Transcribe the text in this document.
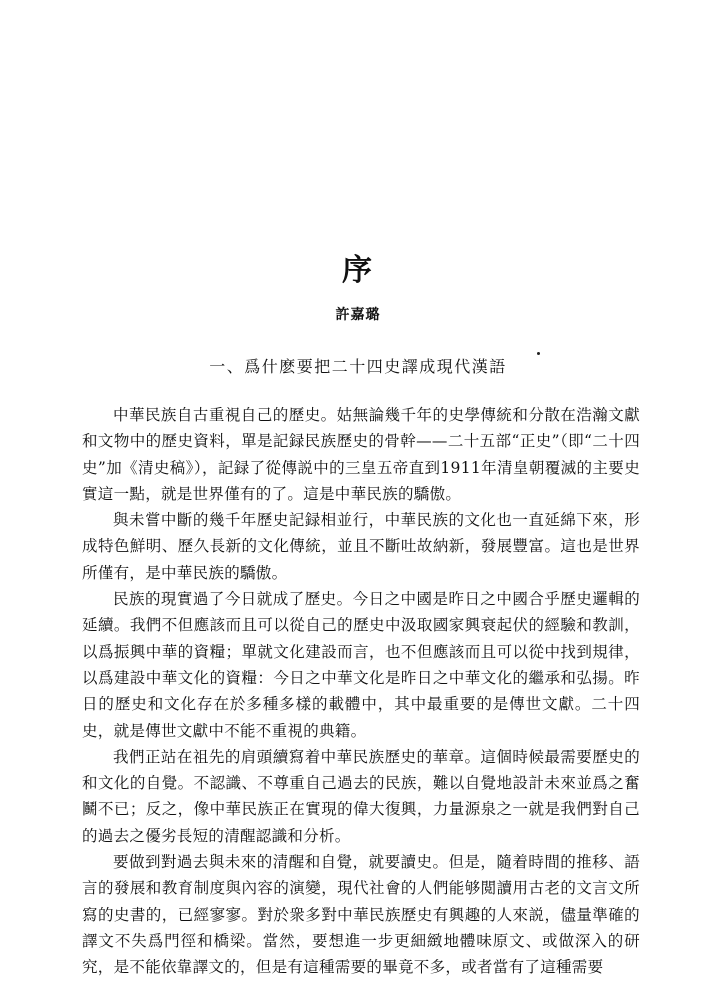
序
許嘉璐
一、爲什麽要把二十四史譯成現代漢語

中華民族自古重視自己的歷史。姑無論幾千年的史學傳統和分散在浩瀚文獻和文物中的歷史資料，單是記録民族歷史的骨幹——二十五部“正史”（即“二十四史”加《清史稿》），記録了從傳説中的三皇五帝直到1911年清皇朝覆滅的主要史實這一點，就是世界僅有的了。這是中華民族的驕傲。

與未嘗中斷的幾千年歷史記録相並行，中華民族的文化也一直延綿下來，形成特色鮮明、歷久長新的文化傳統，並且不斷吐故納新，發展豐富。這也是世界所僅有，是中華民族的驕傲。

民族的現實過了今日就成了歷史。今日之中國是昨日之中國合乎歷史邏輯的延續。我們不但應該而且可以從自己的歷史中汲取國家興衰起伏的經驗和教訓，以爲振興中華的資糧；單就文化建設而言，也不但應該而且可以從中找到規律，以爲建設中華文化的資糧：今日之中華文化是昨日之中華文化的繼承和弘揚。昨日的歷史和文化存在於多種多樣的載體中，其中最重要的是傳世文獻。二十四史，就是傳世文獻中不能不重視的典籍。

我們正站在祖先的肩頭續寫着中華民族歷史的華章。這個時候最需要歷史的和文化的自覺。不認識、不尊重自己過去的民族，難以自覺地設計未來並爲之奮鬭不已；反之，像中華民族正在實現的偉大復興，力量源泉之一就是我們對自己的過去之優劣長短的清醒認識和分析。

要做到對過去與未來的清醒和自覺，就要讀史。但是，隨着時間的推移、語言的發展和教育制度與內容的演變，現代社會的人們能够閲讀用古老的文言文所寫的史書的，已經寥寥。對於衆多對中華民族歷史有興趣的人來説，儘量準確的譯文不失爲門徑和橋梁。當然，要想進一步更細緻地體味原文、或做深入的研究，是不能依靠譯文的，但是有這種需要的畢竟不多，或者當有了這種需要
